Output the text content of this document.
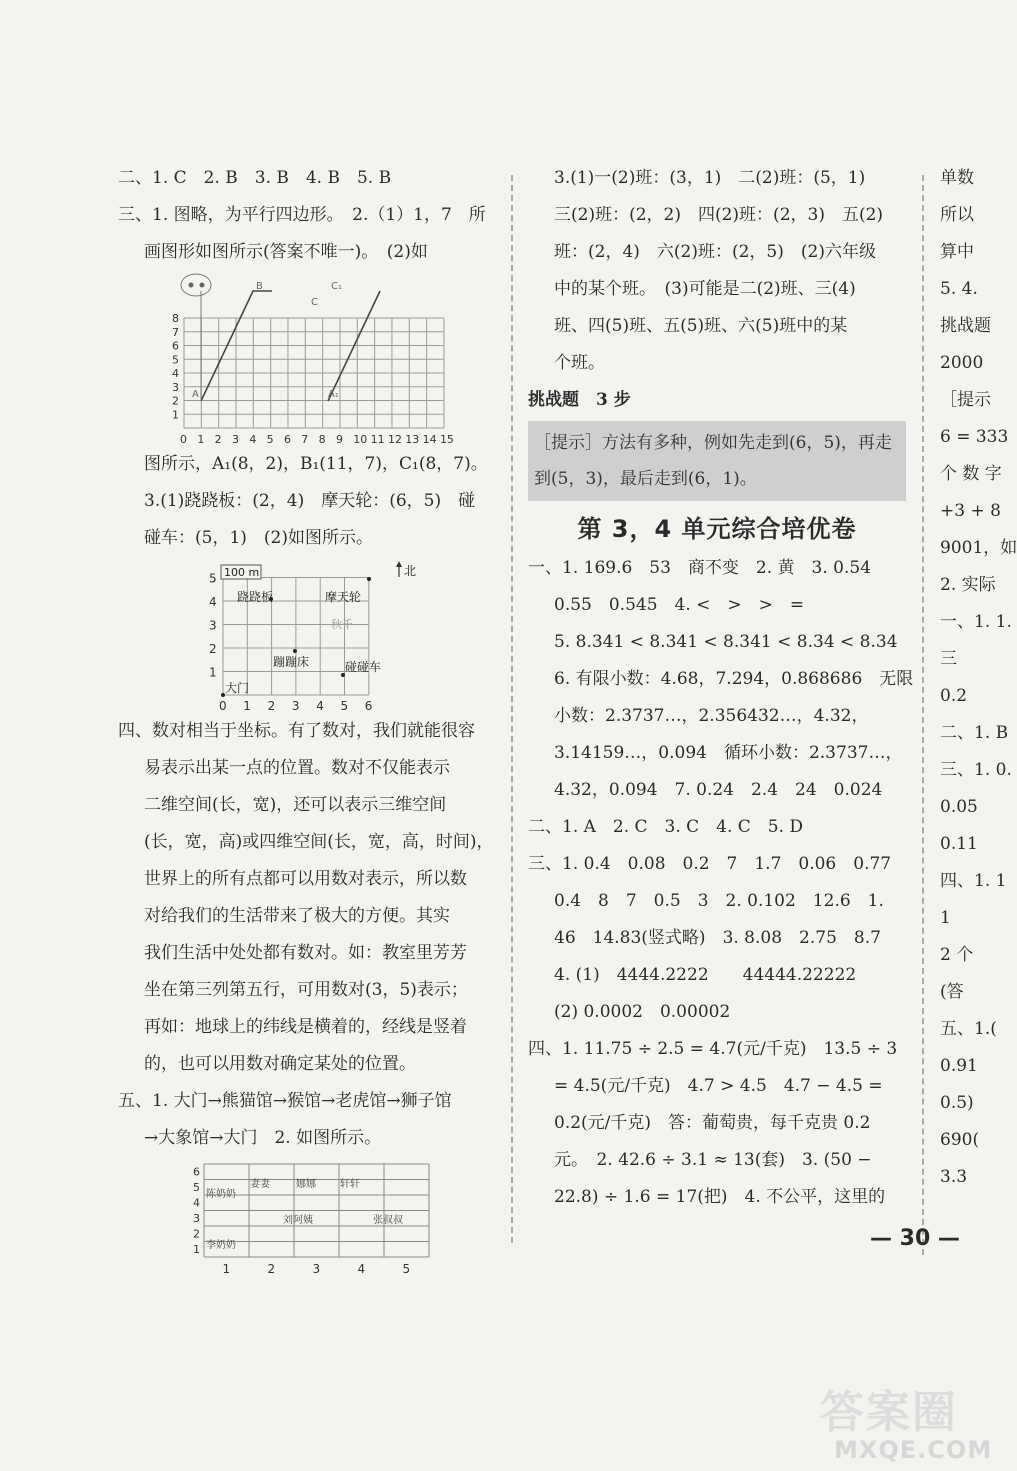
二、1. C　2. B　3. B　4. B　5. B
三、1. 图略，为平行四边形。　2.（1）1，7　所
画图形如图所示(答案不唯一)。　(2)如
0 1 2 3 4 5 6 7 8 9 10 11 12 13 14 15
1
2
3
4
5
6
7
8
A
B
C
A₁
C₁
图所示，A₁(8，2)，B₁(11，7)，C₁(8，7)。
3.(1)跷跷板：(2，4)　摩天轮：(6，5)　碰
碰车：(5，1)　(2)如图所示。
0 1 2 3 4 5 6
1
2
3
4
5 100 m	北
跷跷板	摩天轮
秋千
蹦蹦床	碰碰车
大门
四、数对相当于坐标。有了数对，我们就能很容
易表示出某一点的位置。数对不仅能表示
二维空间(长，宽)，还可以表示三维空间
(长，宽，高)或四维空间(长，宽，高，时间)，
世界上的所有点都可以用数对表示，所以数
对给我们的生活带来了极大的方便。其实
我们生活中处处都有数对。如：教室里芳芳
坐在第三列第五行，可用数对(3，5)表示；
再如：地球上的纬线是横着的，经线是竖着
的，也可以用数对确定某处的位置。
五、1. 大门→熊猫馆→猴馆→老虎馆→狮子馆
→大象馆→大门　2. 如图所示。
1	2	3	4	5
1
2
3
4
5
6
陈奶奶
妻妻	娜娜 轩轩
刘阿姨	张叔叔
李奶奶
3.(1)一(2)班：(3，1)　二(2)班：(5，1)
三(2)班：(2，2)　四(2)班：(2，3)　五(2)
班：(2，4)　六(2)班：(2，5)　(2)六年级
中的某个班。　(3)可能是二(2)班、三(4)
班、四(5)班、五(5)班、六(5)班中的某
个班。
挑战题　3 步
［提示］方法有多种，例如先走到(6，5)，再走到(5，3)，最后走到(6，1)。
第 3，4 单元综合培优卷
一、1. 169.6　53　商不变　2. 黄　3. 0.54
0.55　0.545　4. <　>　>　=
5. 8.341 < 8.341 < 8.341 < 8.34 < 8.34
6. 有限小数：4.68，7.294，0.868686　无限
小数：2.3737…，2.356432…，4.32，
3.14159…，0.094　循环小数：2.3737…，
4.32，0.094　7. 0.24　2.4　24　0.024
二、1. A　2. C　3. C　4. C　5. D
三、1. 0.4　0.08　0.2　7　1.7　0.06　0.77
0.4　8　7　0.5　3　2. 0.102　12.6　1.
46　14.83(竖式略)　3. 8.08　2.75　8.7
4. (1)　4444.2222　　44444.22222
(2) 0.0002　0.00002
四、1. 11.75 ÷ 2.5 = 4.7(元/千克)　13.5 ÷ 3
= 4.5(元/千克)　4.7 > 4.5　4.7 − 4.5 =
0.2(元/千克)　答：葡萄贵，每千克贵 0.2
元。　2. 42.6 ÷ 3.1 ≈ 13(套)　3. (50 −
22.8) ÷ 1.6 = 17(把)　4. 不公平，这里的
单数
所以
算中
5. 4.
挑战题
2000
［提示
6 = 333
个 数 字
+3 + 8
9001，如
2. 实际
一、1. 1.
三
0.2
二、1. B
三、1. 0.
0.05
0.11
四、1. 1
1
2 个
(答
五、1.(
0.91
0.5)
690(
3.3
— 30 —
答案圈
MXQE.COM
